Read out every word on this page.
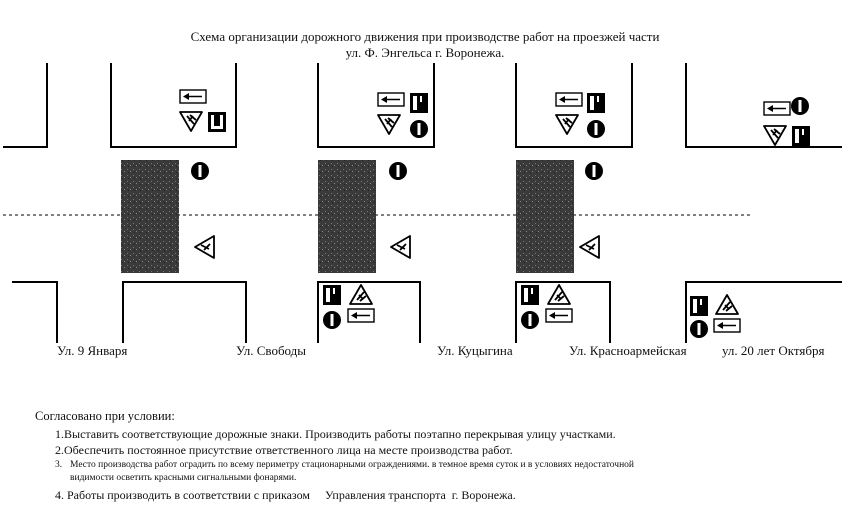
Схема организации дорожного движения при производстве работ на проезжей части
ул. Ф. Энгельса г. Воронежа.
Ул. 9 Января	Ул. Свободы	Ул. Куцыгина	Ул. Красноармейская	ул. 20 лет Октября
Согласовано при условии:
1.Выставить соответствующие дорожные знаки. Производить работы поэтапно перекрывая улицу участками.
2.Обеспечить постоянное присутствие ответственного лица на месте производства работ.
3. Место производства работ оградить по всему периметру стационарными ограждениями. в темное время суток и в условиях недостаточной
видимости осветить красными сигнальными фонарями.
4. Работы производить в соответствии с приказом     Управления транспорта  г. Воронежа.
